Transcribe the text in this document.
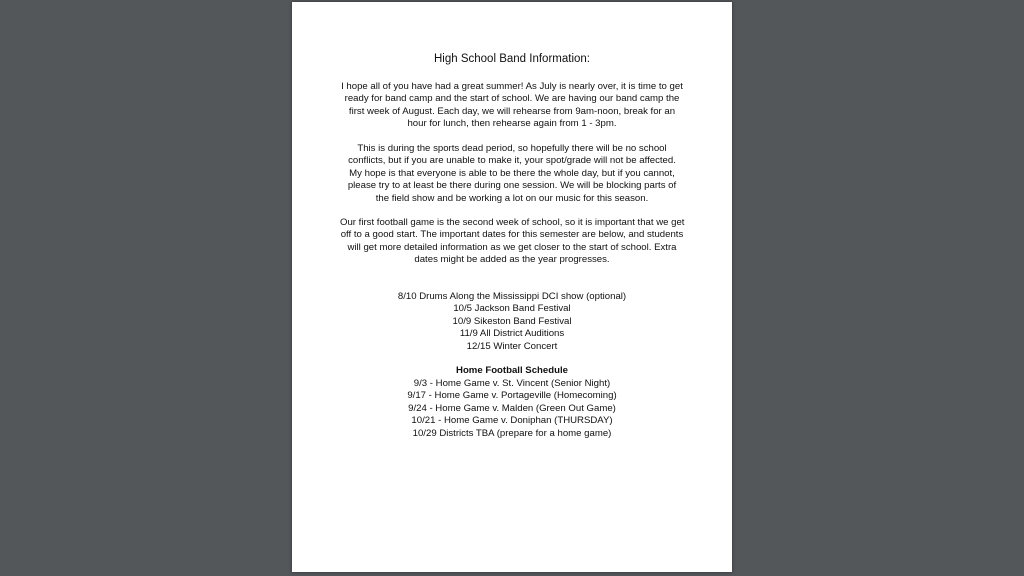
High School Band Information:

I hope all of you have had a great summer! As July is nearly over, it is time to get
ready for band camp and the start of school. We are having our band camp the
first week of August. Each day, we will rehearse from 9am-noon, break for an
hour for lunch, then rehearse again from 1 - 3pm.

This is during the sports dead period, so hopefully there will be no school
conflicts, but if you are unable to make it, your spot/grade will not be affected.
My hope is that everyone is able to be there the whole day, but if you cannot,
please try to at least be there during one session. We will be blocking parts of
the field show and be working a lot on our music for this season.

Our first football game is the second week of school, so it is important that we get
off to a good start. The important dates for this semester are below, and students
will get more detailed information as we get closer to the start of school. Extra
dates might be added as the year progresses.

8/10 Drums Along the Mississippi DCI show (optional)
10/5 Jackson Band Festival
10/9 Sikeston Band Festival
11/9 All District Auditions
12/15 Winter Concert
Home Football Schedule
9/3 - Home Game v. St. Vincent (Senior Night)
9/17 - Home Game v. Portageville (Homecoming)
9/24 - Home Game v. Malden (Green Out Game)
10/21 - Home Game v. Doniphan (THURSDAY)
10/29 Districts TBA (prepare for a home game)
